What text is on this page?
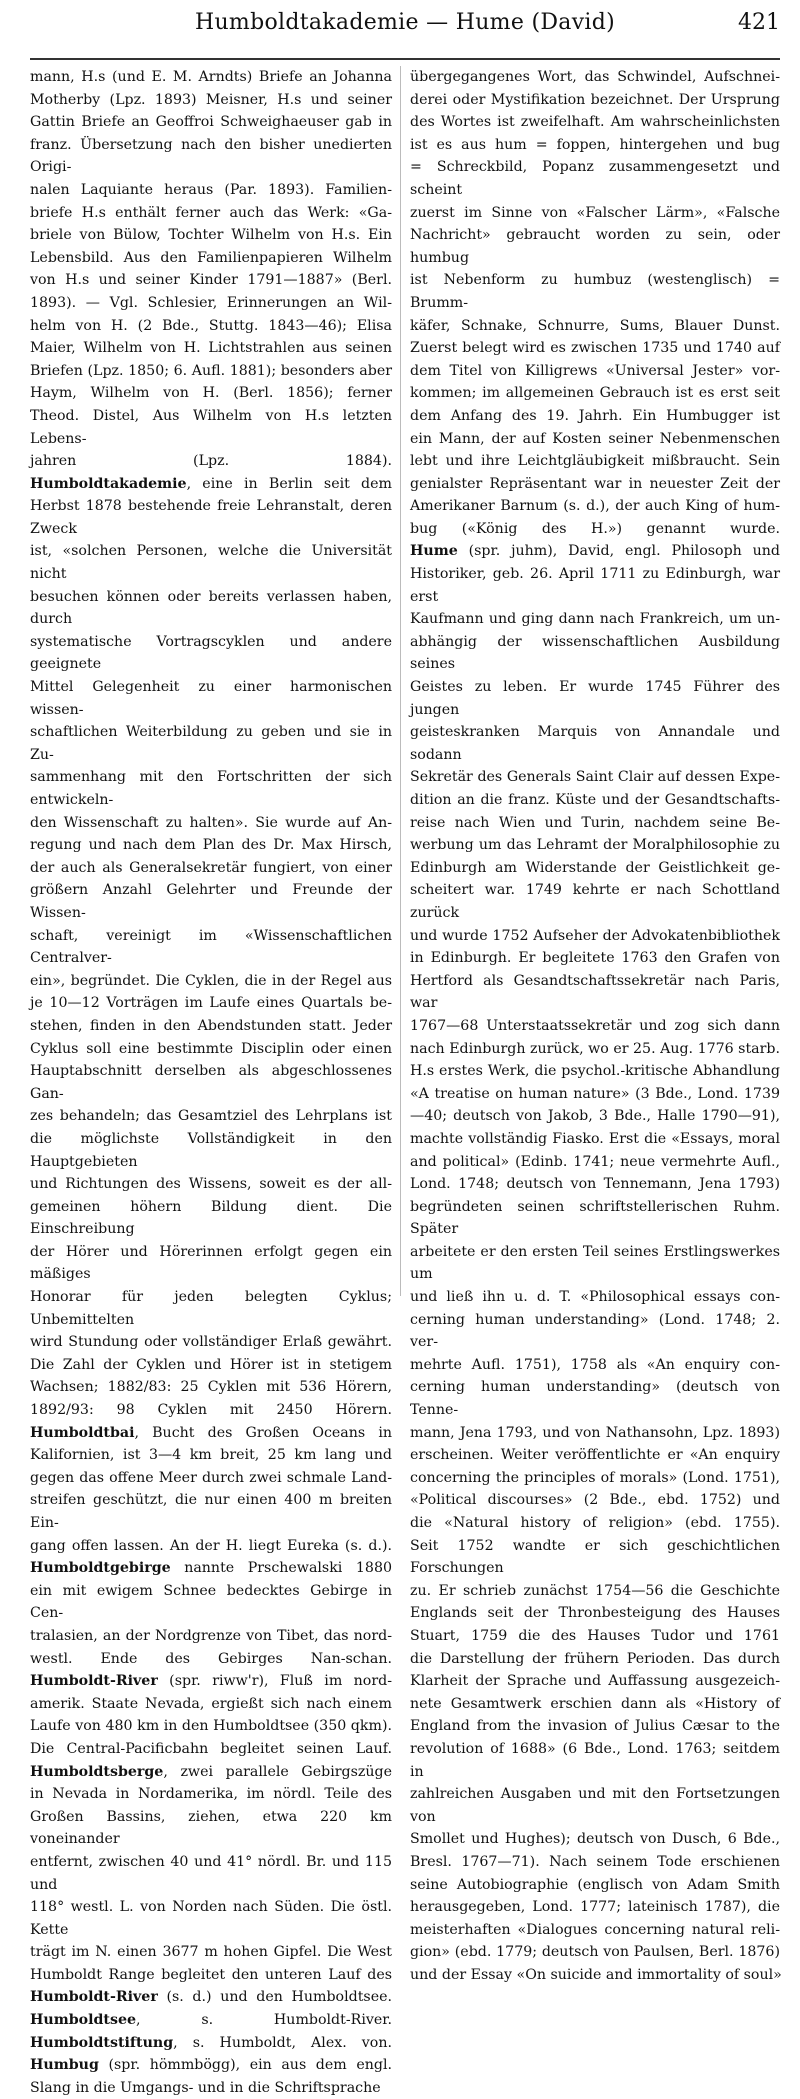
Humboldtakademie — Hume (David)	421
mann, H.s (und E. M. Arndts) Briefe an Johanna
Motherby (Lpz. 1893) Meisner, H.s und seiner
Gattin Briefe an Geoffroi Schweighaeuser gab in
franz. Übersetzung nach den bisher unedierten Origi-
nalen Laquiante heraus (Par. 1893). Familien-
briefe H.s enthält ferner auch das Werk: «Ga-
briele von Bülow, Tochter Wilhelm von H.s. Ein
Lebensbild. Aus den Familienpapieren Wilhelm
von H.s und seiner Kinder 1791—1887» (Berl.
1893). — Vgl. Schlesier, Erinnerungen an Wil-
helm von H. (2 Bde., Stuttg. 1843—46); Elisa
Maier, Wilhelm von H. Lichtstrahlen aus seinen
Briefen (Lpz. 1850; 6. Aufl. 1881); besonders aber
Haym, Wilhelm von H. (Berl. 1856); ferner
Theod. Distel, Aus Wilhelm von H.s letzten Lebens-
jahren (Lpz. 1884).
Humboldtakademie, eine in Berlin seit dem
Herbst 1878 bestehende freie Lehranstalt, deren Zweck
ist, «solchen Personen, welche die Universität nicht
besuchen können oder bereits verlassen haben, durch
systematische Vortragscyklen und andere geeignete
Mittel Gelegenheit zu einer harmonischen wissen-
schaftlichen Weiterbildung zu geben und sie in Zu-
sammenhang mit den Fortschritten der sich entwickeln-
den Wissenschaft zu halten». Sie wurde auf An-
regung und nach dem Plan des Dr. Max Hirsch,
der auch als Generalsekretär fungiert, von einer
größern Anzahl Gelehrter und Freunde der Wissen-
schaft, vereinigt im «Wissenschaftlichen Centralver-
ein», begründet. Die Cyklen, die in der Regel aus
je 10—12 Vorträgen im Laufe eines Quartals be-
stehen, finden in den Abendstunden statt. Jeder
Cyklus soll eine bestimmte Disciplin oder einen
Hauptabschnitt derselben als abgeschlossenes Gan-
zes behandeln; das Gesamtziel des Lehrplans ist
die möglichste Vollständigkeit in den Hauptgebieten
und Richtungen des Wissens, soweit es der all-
gemeinen höhern Bildung dient. Die Einschreibung
der Hörer und Hörerinnen erfolgt gegen ein mäßiges
Honorar für jeden belegten Cyklus; Unbemittelten
wird Stundung oder vollständiger Erlaß gewährt.
Die Zahl der Cyklen und Hörer ist in stetigem
Wachsen; 1882/83: 25 Cyklen mit 536 Hörern,
1892/93: 98 Cyklen mit 2450 Hörern.
Humboldtbai, Bucht des Großen Oceans in
Kalifornien, ist 3—4 km breit, 25 km lang und
gegen das offene Meer durch zwei schmale Land-
streifen geschützt, die nur einen 400 m breiten Ein-
gang offen lassen. An der H. liegt Eureka (s. d.).
Humboldtgebirge nannte Prschewalski 1880
ein mit ewigem Schnee bedecktes Gebirge in Cen-
tralasien, an der Nordgrenze von Tibet, das nord-
westl. Ende des Gebirges Nan-schan.
Humboldt-River (spr. riww'r), Fluß im nord-
amerik. Staate Nevada, ergießt sich nach einem
Laufe von 480 km in den Humboldtsee (350 qkm).
Die Central-Pacificbahn begleitet seinen Lauf.
Humboldtsberge, zwei parallele Gebirgszüge
in Nevada in Nordamerika, im nördl. Teile des
Großen Bassins, ziehen, etwa 220 km voneinander
entfernt, zwischen 40 und 41° nördl. Br. und 115 und
118° westl. L. von Norden nach Süden. Die östl. Kette
trägt im N. einen 3677 m hohen Gipfel. Die West
Humboldt Range begleitet den unteren Lauf des
Humboldt-River (s. d.) und den Humboldtsee.
Humboldtsee, s. Humboldt-River.
Humboldtstiftung, s. Humboldt, Alex. von.
Humbug (spr. hömmbögg), ein aus dem engl.
Slang in die Umgangs- und in die Schriftsprache
übergegangenes Wort, das Schwindel, Aufschnei-
derei oder Mystifikation bezeichnet. Der Ursprung
des Wortes ist zweifelhaft. Am wahrscheinlichsten
ist es aus hum = foppen, hintergehen und bug
= Schreckbild, Popanz zusammengesetzt und scheint
zuerst im Sinne von «Falscher Lärm», «Falsche
Nachricht» gebraucht worden zu sein, oder humbug
ist Nebenform zu humbuz (westenglisch) = Brumm-
käfer, Schnake, Schnurre, Sums, Blauer Dunst.
Zuerst belegt wird es zwischen 1735 und 1740 auf
dem Titel von Killigrews «Universal Jester» vor-
kommen; im allgemeinen Gebrauch ist es erst seit
dem Anfang des 19. Jahrh. Ein Humbugger ist
ein Mann, der auf Kosten seiner Nebenmenschen
lebt und ihre Leichtgläubigkeit mißbraucht. Sein
genialster Repräsentant war in neuester Zeit der
Amerikaner Barnum (s. d.), der auch King of hum-
bug («König des H.») genannt wurde.
Hume (spr. juhm), David, engl. Philosoph und
Historiker, geb. 26. April 1711 zu Edinburgh, war erst
Kaufmann und ging dann nach Frankreich, um un-
abhängig der wissenschaftlichen Ausbildung seines
Geistes zu leben. Er wurde 1745 Führer des jungen
geisteskranken Marquis von Annandale und sodann
Sekretär des Generals Saint Clair auf dessen Expe-
dition an die franz. Küste und der Gesandtschafts-
reise nach Wien und Turin, nachdem seine Be-
werbung um das Lehramt der Moralphilosophie zu
Edinburgh am Widerstande der Geistlichkeit ge-
scheitert war. 1749 kehrte er nach Schottland zurück
und wurde 1752 Aufseher der Advokatenbibliothek
in Edinburgh. Er begleitete 1763 den Grafen von
Hertford als Gesandtschaftssekretär nach Paris, war
1767—68 Unterstaatssekretär und zog sich dann
nach Edinburgh zurück, wo er 25. Aug. 1776 starb.
H.s erstes Werk, die psychol.-kritische Abhandlung
«A treatise on human nature» (3 Bde., Lond. 1739
—40; deutsch von Jakob, 3 Bde., Halle 1790—91),
machte vollständig Fiasko. Erst die «Essays, moral
and political» (Edinb. 1741; neue vermehrte Aufl.,
Lond. 1748; deutsch von Tennemann, Jena 1793)
begründeten seinen schriftstellerischen Ruhm. Später
arbeitete er den ersten Teil seines Erstlingswerkes um
und ließ ihn u. d. T. «Philosophical essays con-
cerning human understanding» (Lond. 1748; 2. ver-
mehrte Aufl. 1751), 1758 als «An enquiry con-
cerning human understanding» (deutsch von Tenne-
mann, Jena 1793, und von Nathansohn, Lpz. 1893)
erscheinen. Weiter veröffentlichte er «An enquiry
concerning the principles of morals» (Lond. 1751),
«Political discourses» (2 Bde., ebd. 1752) und
die «Natural history of religion» (ebd. 1755).
Seit 1752 wandte er sich geschichtlichen Forschungen
zu. Er schrieb zunächst 1754—56 die Geschichte
Englands seit der Thronbesteigung des Hauses
Stuart, 1759 die des Hauses Tudor und 1761
die Darstellung der frühern Perioden. Das durch
Klarheit der Sprache und Auffassung ausgezeich-
nete Gesamtwerk erschien dann als «History of
England from the invasion of Julius Cæsar to the
revolution of 1688» (6 Bde., Lond. 1763; seitdem in
zahlreichen Ausgaben und mit den Fortsetzungen von
Smollet und Hughes); deutsch von Dusch, 6 Bde.,
Bresl. 1767—71). Nach seinem Tode erschienen
seine Autobiographie (englisch von Adam Smith
herausgegeben, Lond. 1777; lateinisch 1787), die
meisterhaften «Dialogues concerning natural reli-
gion» (ebd. 1779; deutsch von Paulsen, Berl. 1876)
und der Essay «On suicide and immortality of soul»
